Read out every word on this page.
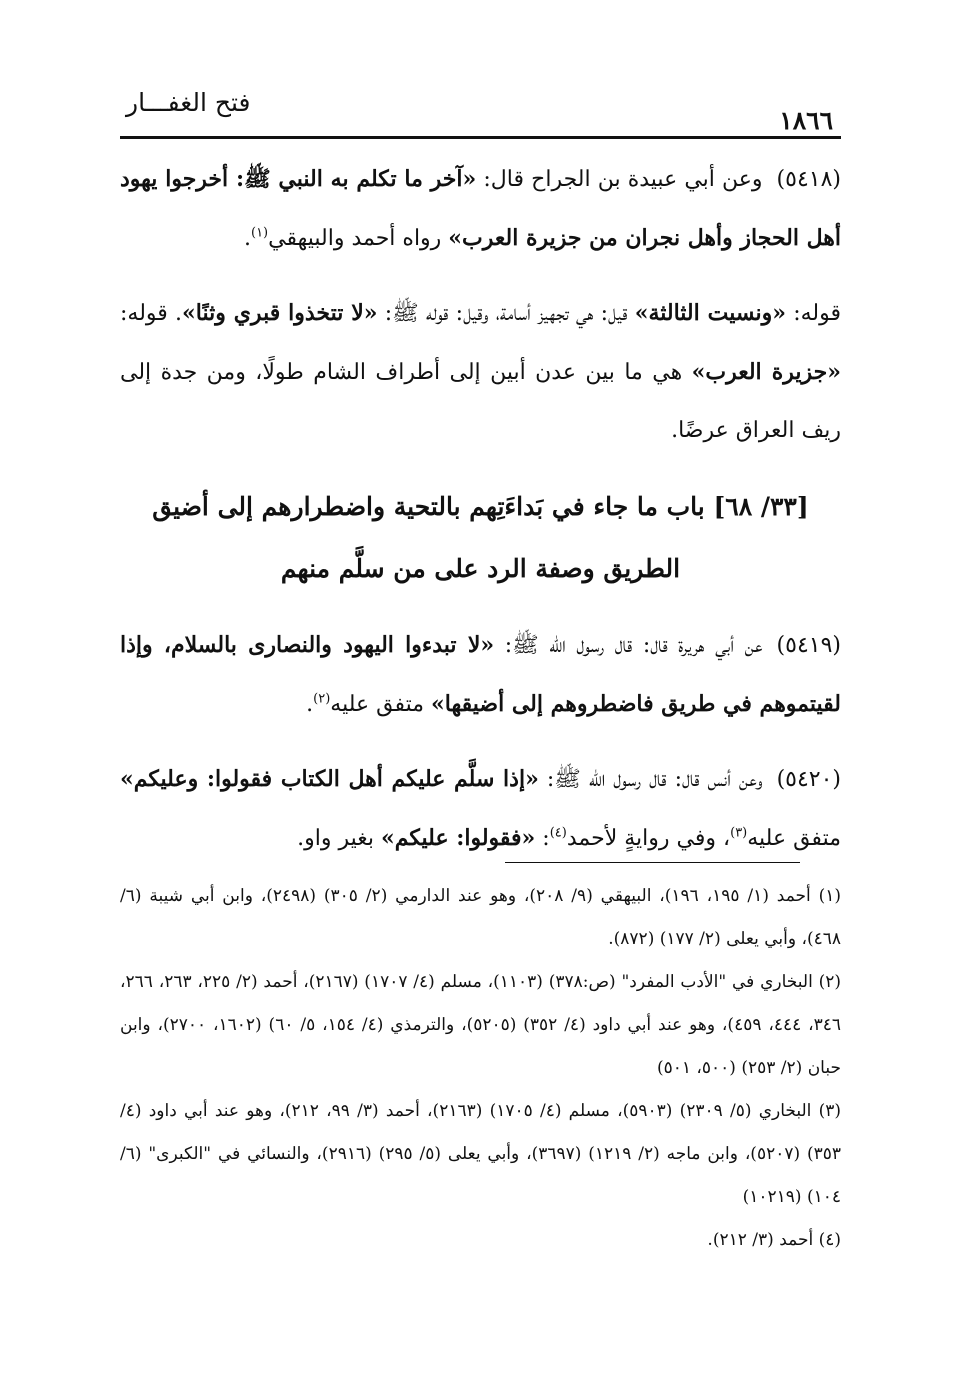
١٨٦٦
فتح الغفـــار

(٥٤١٨)وعن أبي عبيدة بن الجراح قال: «آخر ما تكلم به النبي ﷺ: أخرجوا يهود أهل الحجاز وأهل نجران من جزيرة العرب» رواه أحمد والبيهقي$^{(١)}$.

قوله: «ونسيت الثالثة» قيل: هي تجهيز أسامة، وقيل: قوله ﷺ: «لا تتخذوا قبري وثنًا». قوله: «جزيرة العرب» هي ما بين عدن أبين إلى أطراف الشام طولًا، ومن جدة إلى ريف العراق عرضًا.

[٣٣/ ٦٨] باب ما جاء في بَداءَتِهم بالتحية واضطرارهم إلى أضيق الطريق وصفة الرد على من سلَّم منهم

(٥٤١٩)عن أبي هريرة قال: قال رسول الله ﷺ: «لا تبدءوا اليهود والنصارى بالسلام، وإذا لقيتموهم في طريق فاضطروهم إلى أضيقها» متفق عليه$^{(٢)}$.

(٥٤٢٠)وعن أنس قال: قال رسول الله ﷺ: «إذا سلَّم عليكم أهل الكتاب فقولوا: وعليكم» متفق عليه$^{(٣)}$، وفي روايةٍ لأحمد$^{(٤)}$: «فقولوا: عليكم» بغير واو.

(١) أحمد (١/ ١٩٥، ١٩٦)، البيهقي (٩/ ٢٠٨)، وهو عند الدارمي (٢/ ٣٠٥) (٢٤٩٨)، وابن أبي شيبة (٦/ ٤٦٨)، وأبي يعلى (٢/ ١٧٧) (٨٧٢).

(٢) البخاري في "الأدب المفرد" (ص:٣٧٨) (١١٠٣)، مسلم (٤/ ١٧٠٧) (٢١٦٧)، أحمد (٢/ ٢٢٥، ٢٦٣، ٢٦٦، ٣٤٦، ٤٤٤، ٤٥٩)، وهو عند أبي داود (٤/ ٣٥٢) (٥٢٠٥)، والترمذي (٤/ ١٥٤، ٥/ ٦٠) (١٦٠٢، ٢٧٠٠)، وابن حبان (٢/ ٢٥٣) (٥٠٠، ٥٠١)

(٣) البخاري (٥/ ٢٣٠٩) (٥٩٠٣)، مسلم (٤/ ١٧٠٥) (٢١٦٣)، أحمد (٣/ ٩٩، ٢١٢)، وهو عند أبي داود (٤/ ٣٥٣) (٥٢٠٧)، وابن ماجه (٢/ ١٢١٩) (٣٦٩٧)، وأبي يعلى (٥/ ٢٩٥) (٢٩١٦)، والنسائي في "الكبرى" (٦/ ١٠٤) (١٠٢١٩)

(٤) أحمد (٣/ ٢١٢).
